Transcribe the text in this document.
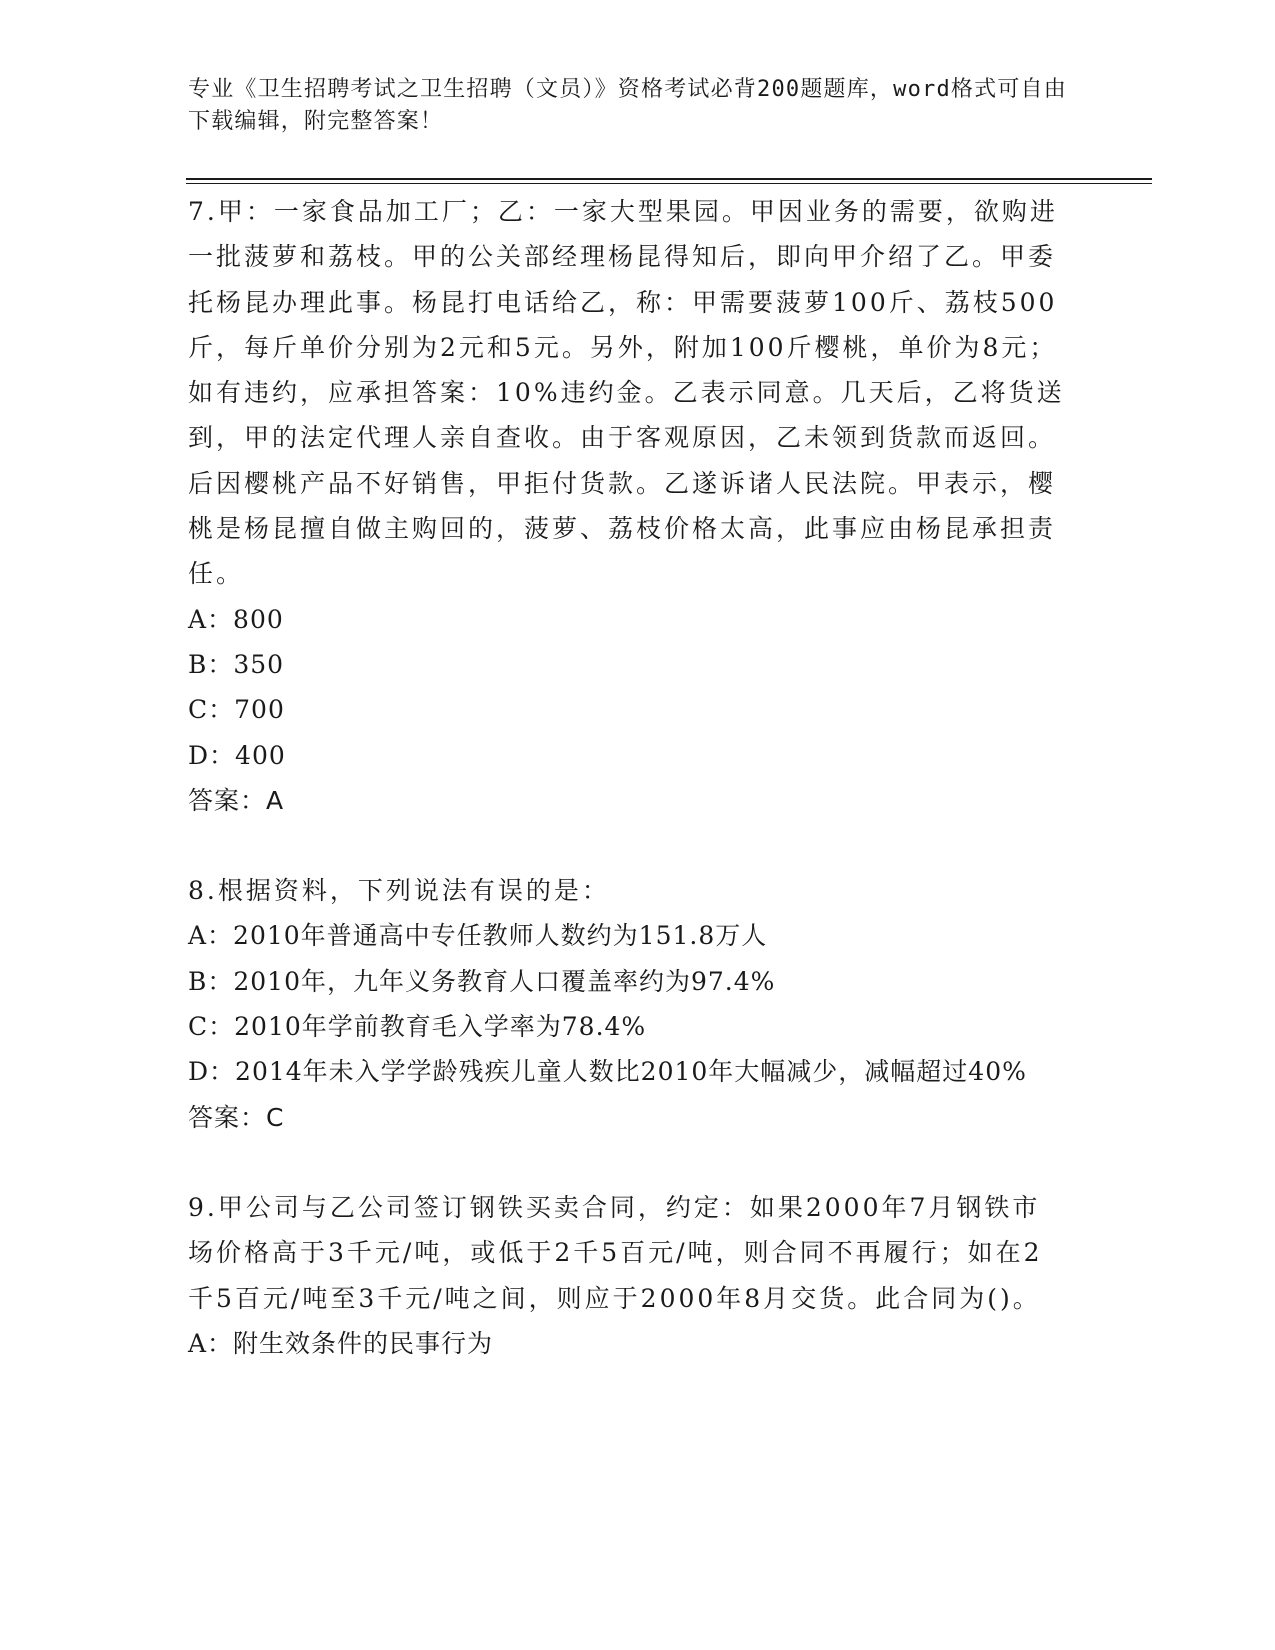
专业《卫生招聘考试之卫生招聘（文员）》资格考试必背200题题库，word格式可自由下载编辑，附完整答案！

7.甲：一家食品加工厂；乙：一家大型果园。甲因业务的需要，欲购进一批菠萝和荔枝。甲的公关部经理杨昆得知后，即向甲介绍了乙。甲委托杨昆办理此事。杨昆打电话给乙，称：甲需要菠萝100斤、荔枝500斤，每斤单价分别为2元和5元。另外，附加100斤樱桃，单价为8元；如有违约，应承担答案：10%违约金。乙表示同意。几天后，乙将货送到，甲的法定代理人亲自查收。由于客观原因，乙未领到货款而返回。后因樱桃产品不好销售，甲拒付货款。乙遂诉诸人民法院。甲表示，樱桃是杨昆擅自做主购回的，菠萝、荔枝价格太高，此事应由杨昆承担责任。

A：800

B：350

C：700

D：400

答案：A

8.根据资料，下列说法有误的是：

A：2010年普通高中专任教师人数约为151.8万人

B：2010年，九年义务教育人口覆盖率约为97.4%

C：2010年学前教育毛入学率为78.4%

D：2014年未入学学龄残疾儿童人数比2010年大幅减少，减幅超过40%

答案：C

9.甲公司与乙公司签订钢铁买卖合同，约定：如果2000年7月钢铁市场价格高于3千元/吨，或低于2千5百元/吨，则合同不再履行；如在2千5百元/吨至3千元/吨之间，则应于2000年8月交货。此合同为()。

A：附生效条件的民事行为
